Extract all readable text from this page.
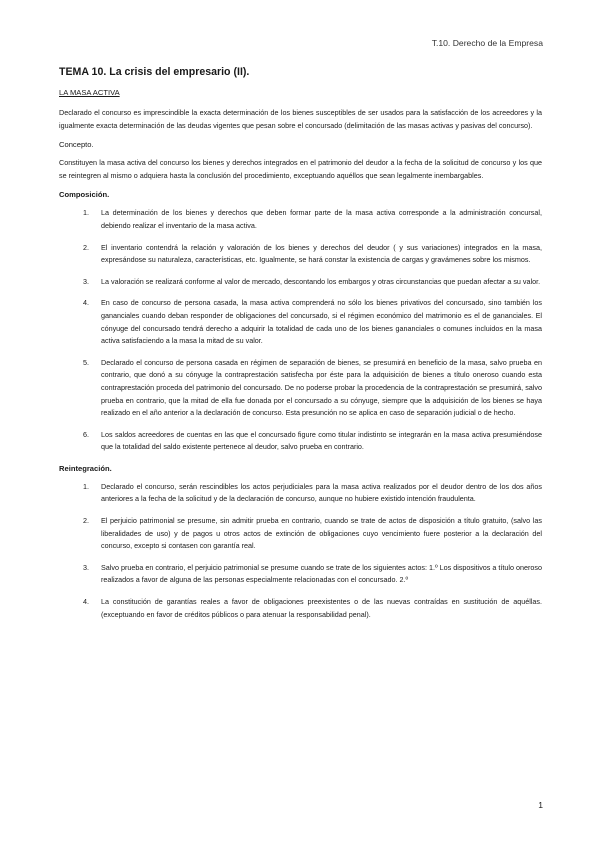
T.10. Derecho de la Empresa
TEMA 10. La crisis del empresario (II).
LA MASA ACTIVA

Declarado el concurso es imprescindible la exacta determinación de los bienes susceptibles de ser usados para la satisfacción de los acreedores y la igualmente exacta determinación de las deudas vigentes que pesan sobre el concursado (delimitación de las masas activas y pasivas del concurso).

Concepto.

Constituyen la masa activa del concurso los bienes y derechos integrados en el patrimonio del deudor a la fecha de la solicitud de concurso y los que se reintegren al mismo o adquiera hasta la conclusión del procedimiento, exceptuando aquéllos que sean legalmente inembargables.

Composición.
1. La determinación de los bienes y derechos que deben formar parte de la masa activa corresponde a la administración concursal, debiendo realizar el inventario de la masa activa.
2. El inventario contendrá la relación y valoración de los bienes y derechos del deudor ( y sus variaciones) integrados en la masa, expresándose su naturaleza, características, etc. Igualmente, se hará constar la existencia de cargas y gravámenes sobre los mismos.
3. La valoración se realizará conforme al valor de mercado, descontando los embargos y otras circunstancias que puedan afectar a su valor.
4. En caso de concurso de persona casada, la masa activa comprenderá no sólo los bienes privativos del concursado, sino también los gananciales cuando deban responder de obligaciones del concursado, si el régimen económico del matrimonio es el de gananciales. El cónyuge del concursado tendrá derecho a adquirir la totalidad de cada uno de los bienes gananciales o comunes incluidos en la masa activa satisfaciendo a la masa la mitad de su valor.
5. Declarado el concurso de persona casada en régimen de separación de bienes, se presumirá en beneficio de la masa, salvo prueba en contrario, que donó a su cónyuge la contraprestación satisfecha por éste para la adquisición de bienes a título oneroso cuando esta contraprestación proceda del patrimonio del concursado. De no poderse probar la procedencia de la contraprestación se presumirá, salvo prueba en contrario, que la mitad de ella fue donada por el concursado a su cónyuge, siempre que la adquisición de los bienes se haya realizado en el año anterior a la declaración de concurso. Esta presunción no se aplica en caso de separación judicial o de hecho.
6. Los saldos acreedores de cuentas en las que el concursado figure como titular indistinto se integrarán en la masa activa presumiéndose que la totalidad del saldo existente pertenece al deudor, salvo prueba en contrario.
Reintegración.
1. Declarado el concurso, serán rescindibles los actos perjudiciales para la masa activa realizados por el deudor dentro de los dos años anteriores a la fecha de la solicitud y de la declaración de concurso, aunque no hubiere existido intención fraudulenta.
2. El perjuicio patrimonial se presume, sin admitir prueba en contrario, cuando se trate de actos de disposición a título gratuito, (salvo las liberalidades de uso) y de pagos u otros actos de extinción de obligaciones cuyo vencimiento fuere posterior a la declaración del concurso, excepto si contasen con garantía real.
3. Salvo prueba en contrario, el perjuicio patrimonial se presume cuando se trate de los siguientes actos: 1.º Los dispositivos a título oneroso realizados a favor de alguna de las personas especialmente relacionadas con el concursado. 2.º
4. La constitución de garantías reales a favor de obligaciones preexistentes o de las nuevas contraídas en sustitución de aquéllas. (exceptuando en favor de créditos públicos o para atenuar la responsabilidad penal).
1
